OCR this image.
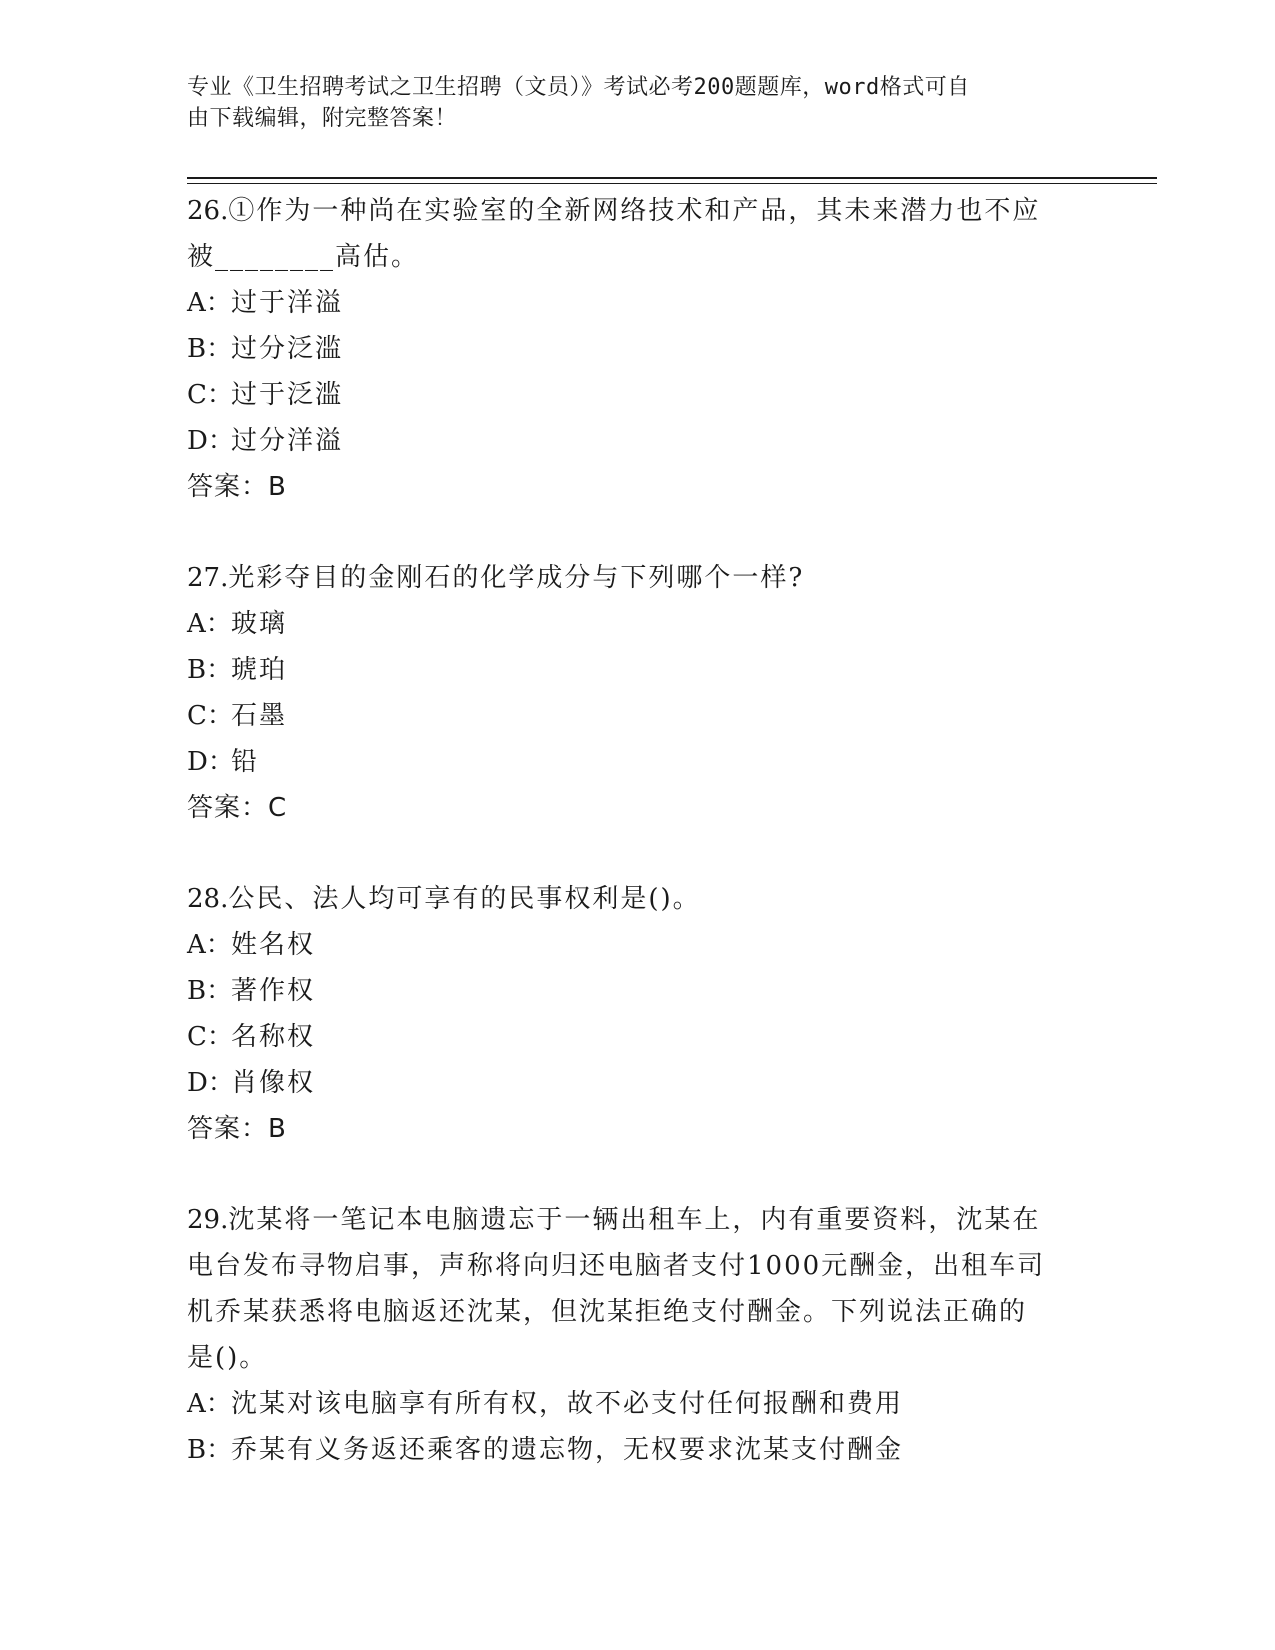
专业《卫生招聘考试之卫生招聘（文员）》考试必考200题题库，word格式可自
由下载编辑，附完整答案！
26.①作为一种尚在实验室的全新网络技术和产品，其未来潜力也不应
被________高估。
A：过于洋溢
B：过分泛滥
C：过于泛滥
D：过分洋溢
答案：B
27.光彩夺目的金刚石的化学成分与下列哪个一样?
A：玻璃
B：琥珀
C：石墨
D：铅
答案：C
28.公民、法人均可享有的民事权利是()。
A：姓名权
B：著作权
C：名称权
D：肖像权
答案：B
29.沈某将一笔记本电脑遗忘于一辆出租车上，内有重要资料，沈某在
电台发布寻物启事，声称将向归还电脑者支付1000元酬金，出租车司
机乔某获悉将电脑返还沈某，但沈某拒绝支付酬金。下列说法正确的
是()。
A：沈某对该电脑享有所有权，故不必支付任何报酬和费用
B：乔某有义务返还乘客的遗忘物，无权要求沈某支付酬金
